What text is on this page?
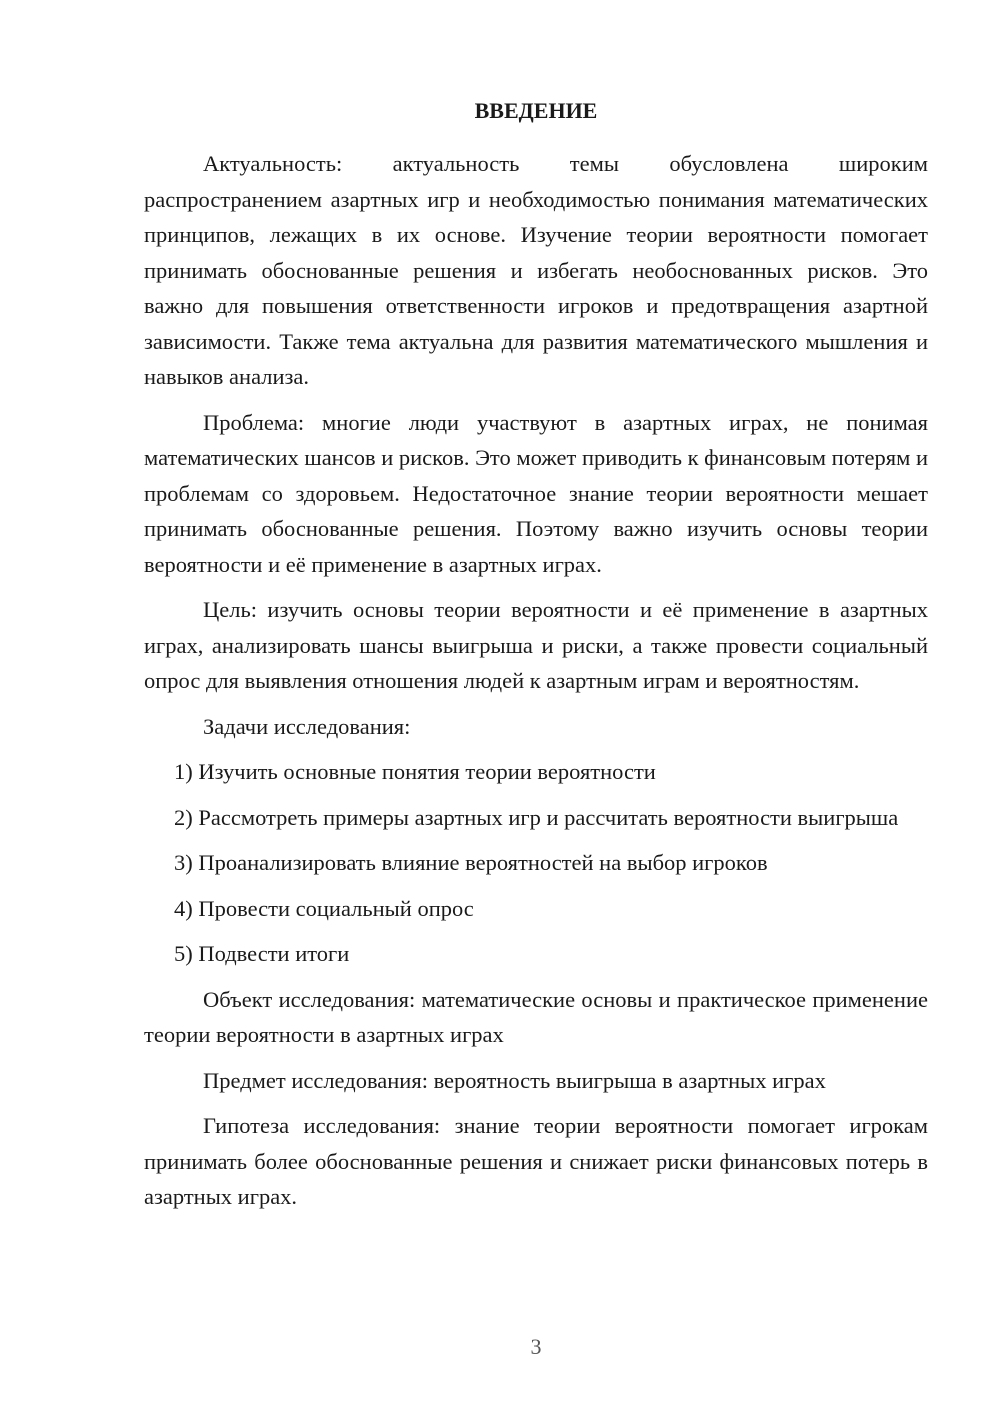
ВВЕДЕНИЕ

Актуальность: актуальность темы обусловлена широким распространением азартных игр и необходимостью понимания математических принципов, лежащих в их основе. Изучение теории вероятности помогает принимать обоснованные решения и избегать необоснованных рисков. Это важно для повышения ответственности игроков и предотвращения азартной зависимости. Также тема актуальна для развития математического мышления и навыков анализа.

Проблема: многие люди участвуют в азартных играх, не понимая математических шансов и рисков. Это может приводить к финансовым потерям и проблемам со здоровьем. Недостаточное знание теории вероятности мешает принимать обоснованные решения. Поэтому важно изучить основы теории вероятности и её применение в азартных играх.

Цель: изучить основы теории вероятности и её применение в азартных играх, анализировать шансы выигрыша и риски, а также провести социальный опрос для выявления отношения людей к азартным играм и вероятностям.

Задачи исследования:

1) Изучить основные понятия теории вероятности

2) Рассмотреть примеры азартных игр и рассчитать вероятности выигрыша

3) Проанализировать влияние вероятностей на выбор игроков

4) Провести социальный опрос

5) Подвести итоги

Объект исследования: математические основы и практическое применение теории вероятности в азартных играх

Предмет исследования: вероятность выигрыша в азартных играх

Гипотеза исследования: знание теории вероятности помогает игрокам принимать более обоснованные решения и снижает риски финансовых потерь в азартных играх.

3
